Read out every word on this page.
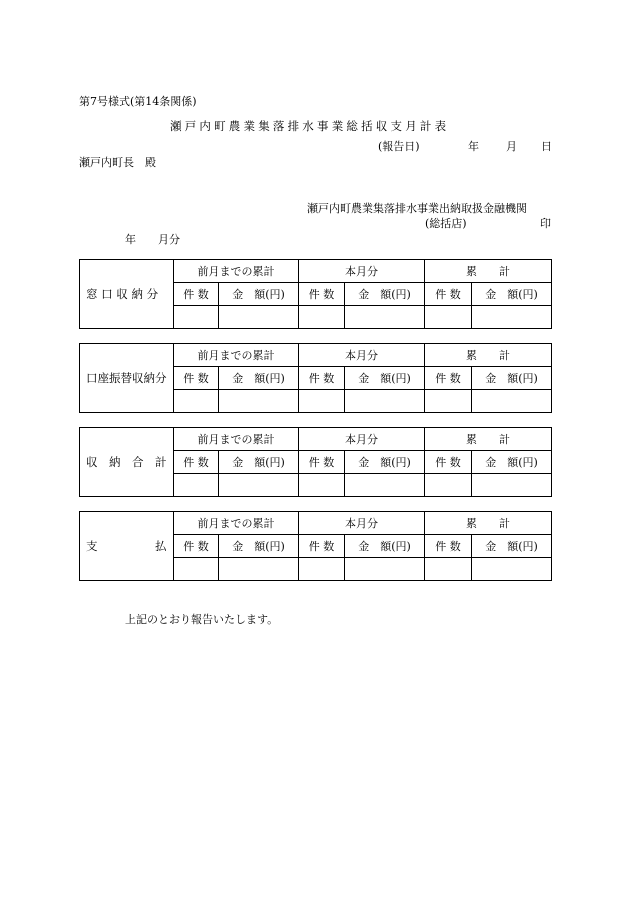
第7号様式(第14条関係)
瀬戸内町農業集落排水事業総括収支月計表
(報告日)	年 月 日
瀬戸内町長　殿
瀬戸内町農業集落排水事業出納取扱金融機関
(総括店)	印
年　　月分
窓 口 収 納 分	前月までの累計		本月分		累　　計	
	件 数	金　額(円)	件 数	金　額(円)	件 数	金　額(円)

口座振替収納分	前月までの累計		本月分		累　　計	
	件 数	金　額(円)	件 数	金　額(円)	件 数	金　額(円)

収　納　合　計	前月までの累計		本月分		累　　計	
	件 数	金　額(円)	件 数	金　額(円)	件 数	金　額(円)

支　　　　　払	前月までの累計		本月分		累　　計	
	件 数	金　額(円)	件 数	金　額(円)	件 数	金　額(円)

上記のとおり報告いたします。
